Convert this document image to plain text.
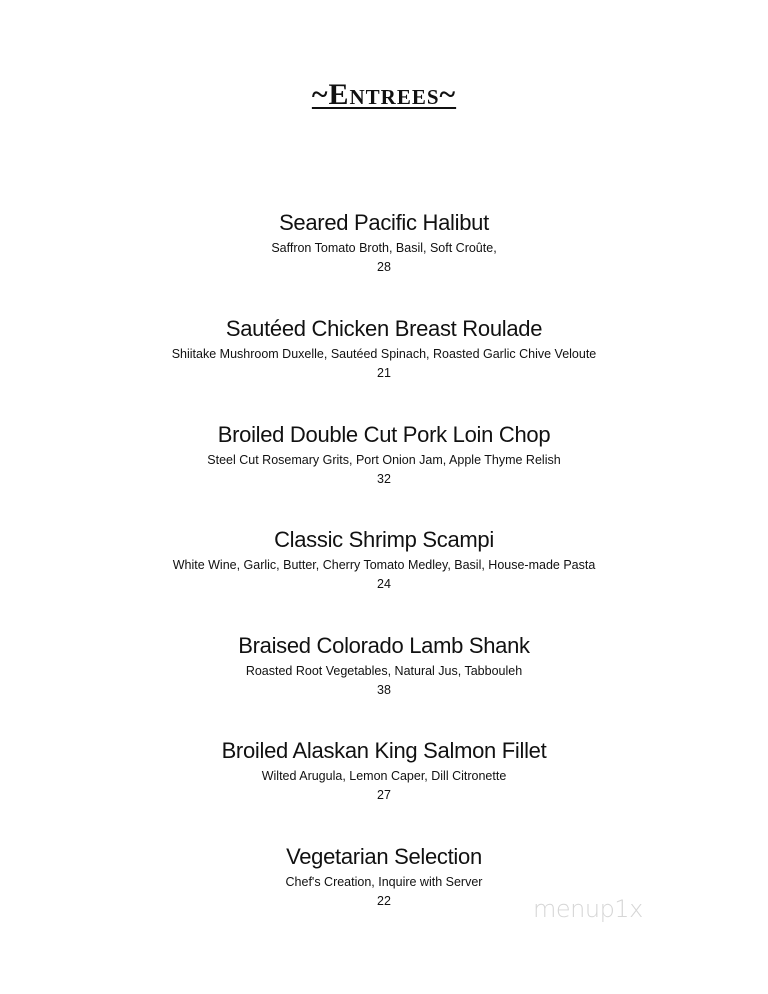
~Entrees~
Seared Pacific Halibut
Saffron Tomato Broth, Basil, Soft Croûte,
28
Sautéed Chicken Breast Roulade
Shiitake Mushroom Duxelle, Sautéed Spinach, Roasted Garlic Chive Veloute
21
Broiled Double Cut Pork Loin Chop
Steel Cut Rosemary Grits, Port Onion Jam, Apple Thyme Relish
32
Classic Shrimp Scampi
White Wine, Garlic, Butter, Cherry Tomato Medley, Basil, House-made Pasta
24
Braised Colorado Lamb Shank
Roasted Root Vegetables, Natural Jus, Tabbouleh
38
Broiled Alaskan King Salmon Fillet
Wilted Arugula, Lemon Caper, Dill Citronette
27
Vegetarian Selection
Chef's Creation, Inquire with Server
22	menup1x
